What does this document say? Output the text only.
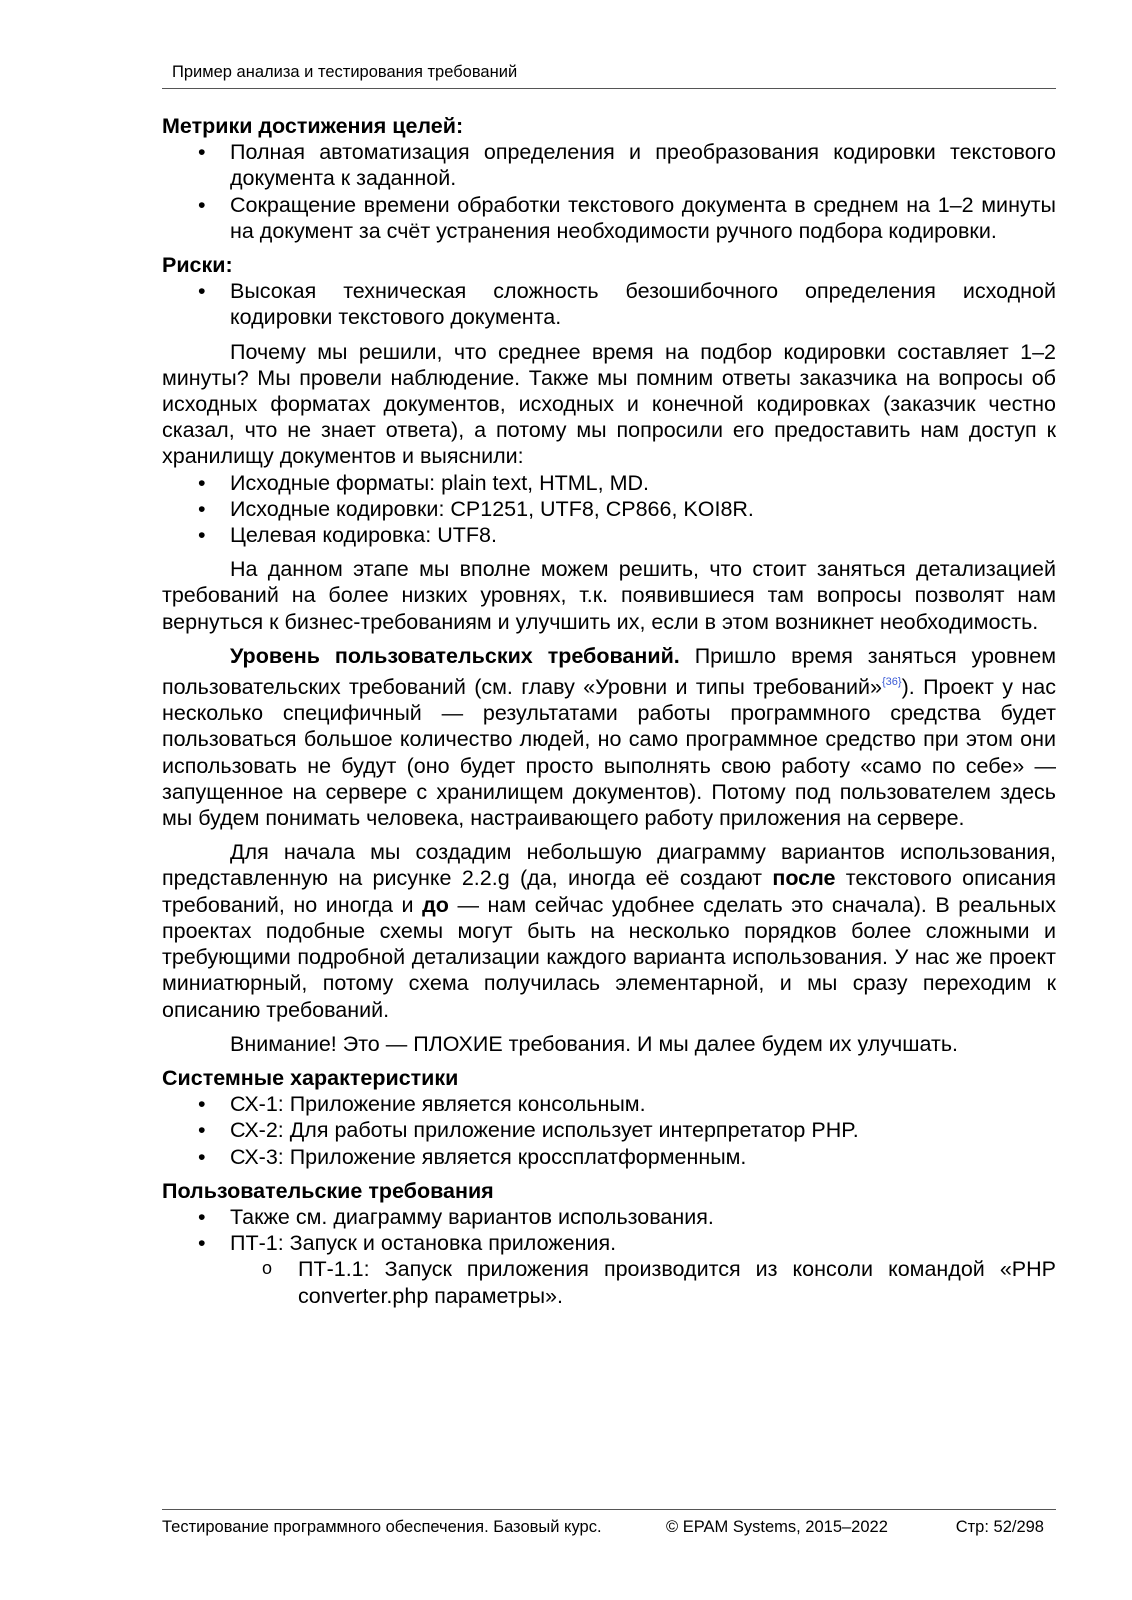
Пример анализа и тестирования требований

Метрики достижения целей:

• Полная автоматизация определения и преобразования кодировки текстового документа к заданной.
• Сокращение времени обработки текстового документа в среднем на 1–2 минуты на документ за счёт устранения необходимости ручного подбора кодировки.

Риски:

• Высокая техническая сложность безошибочного определения исходной кодировки текстового документа.

Почему мы решили, что среднее время на подбор кодировки составляет 1–2 минуты? Мы провели наблюдение. Также мы помним ответы заказчика на вопросы об исходных форматах документов, исходных и конечной кодировках (заказчик честно сказал, что не знает ответа), а потому мы попросили его предоставить нам доступ к хранилищу документов и выяснили:

• Исходные форматы: plain text, HTML, MD.
• Исходные кодировки: CP1251, UTF8, CP866, KOI8R.
• Целевая кодировка: UTF8.

На данном этапе мы вполне можем решить, что стоит заняться детализацией требований на более низких уровнях, т.к. появившиеся там вопросы позволят нам вернуться к бизнес-требованиям и улучшить их, если в этом возникнет необходимость.

Уровень пользовательских требований. Пришло время заняться уровнем пользовательских требований (см. главу «Уровни и типы требований»$^{\{36\}}$). Проект у нас несколько специфичный — результатами работы программного средства будет пользоваться большое количество людей, но само программное средство при этом они использовать не будут (оно будет просто выполнять свою работу «само по себе» — запущенное на сервере с хранилищем документов). Потому под пользователем здесь мы будем понимать человека, настраивающего работу приложения на сервере.

Для начала мы создадим небольшую диаграмму вариантов использования, представленную на рисунке 2.2.g (да, иногда её создают после текстового описания требований, но иногда и до — нам сейчас удобнее сделать это сначала). В реальных проектах подобные схемы могут быть на несколько порядков более сложными и требующими подробной детализации каждого варианта использования. У нас же проект миниатюрный, потому схема получилась элементарной, и мы сразу переходим к описанию требований.

Внимание! Это — ПЛОХИЕ требования. И мы далее будем их улучшать.

Системные характеристики

• СХ-1: Приложение является консольным.
• СХ-2: Для работы приложение использует интерпретатор PHP.
• СХ-3: Приложение является кроссплатформенным.

Пользовательские требования

• Также см. диаграмму вариантов использования.
• ПТ-1: Запуск и остановка приложения.
o ПТ-1.1: Запуск приложения производится из консоли командой «PHP converter.php параметры».
Тестирование программного обеспечения. Базовый курс.	© EPAM Systems, 2015–2022	Стр: 52/298
